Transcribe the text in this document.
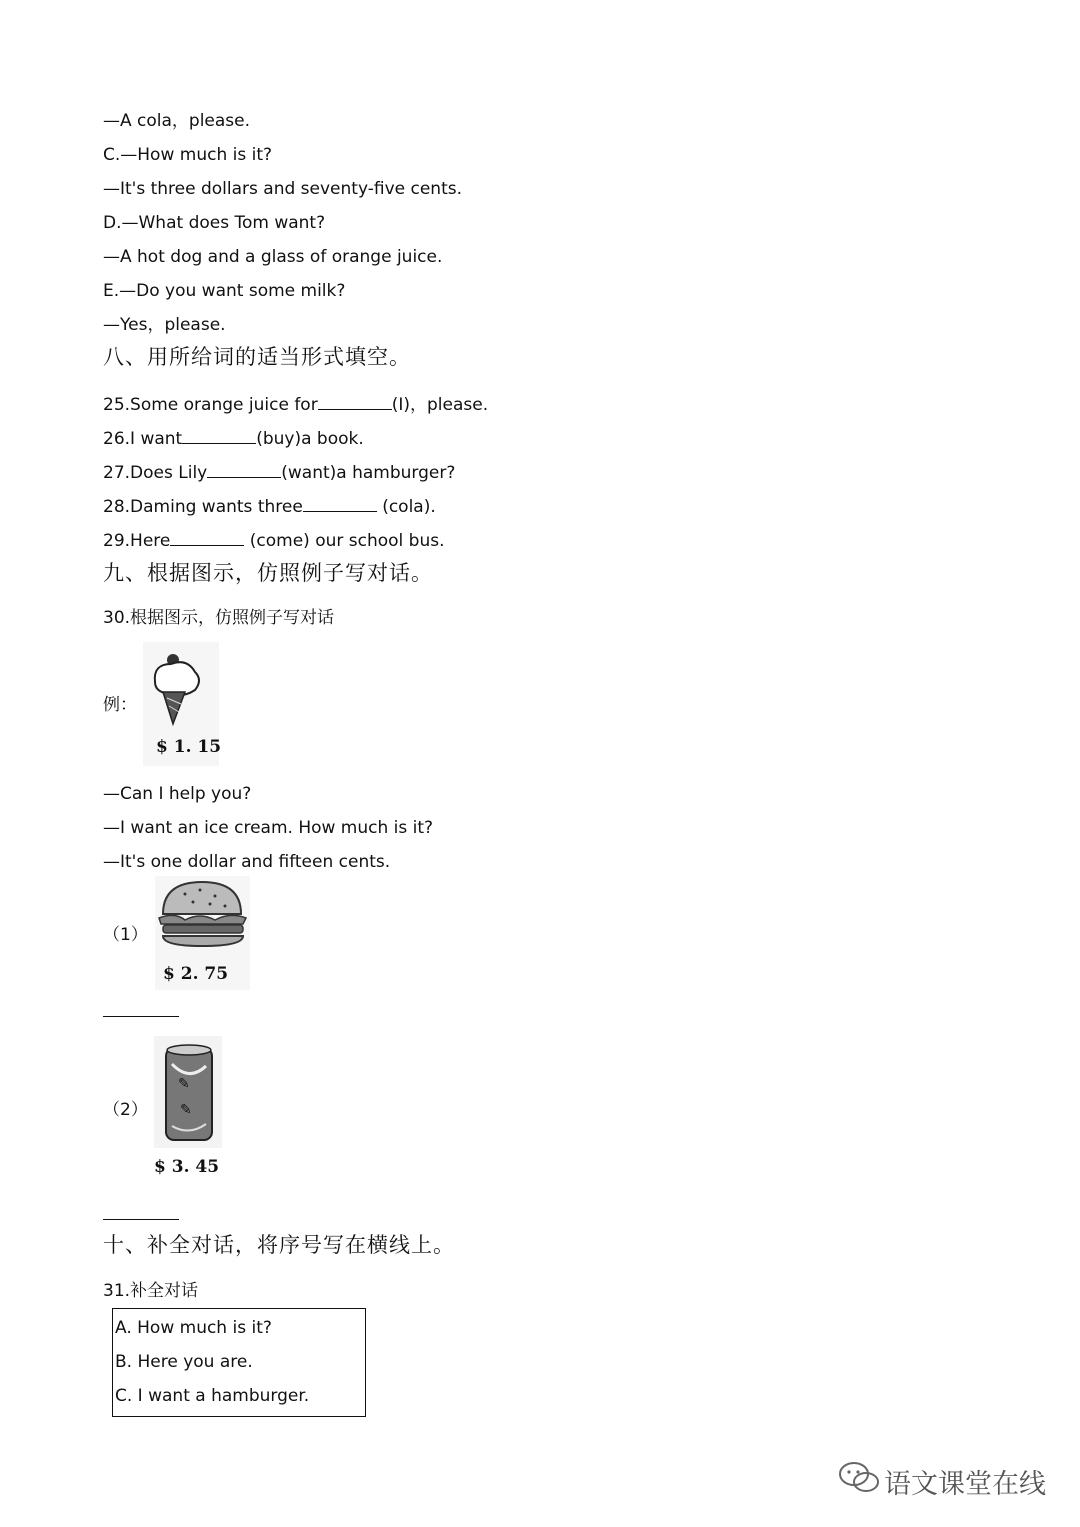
—A cola，please.
C.—How much is it?
—It's three dollars and seventy-five cents.
D.—What does Tom want?
—A hot dog and a glass of orange juice.
E.—Do you want some milk?
—Yes，please.
八、用所给词的适当形式填空。
25.Some orange juice for	(I)，please.
26.I want	(buy)a book.
27.Does Lily	(want)a hamburger?
28.Daming wants three	(cola).
29.Here	(come) our school bus.
九、根据图示，仿照例子写对话。
30.根据图示，仿照例子写对话
例：
$ 1. 15
—Can I help you?
—I want an ice cream. How much is it?
—It's one dollar and fifteen cents.
（1）
$ 2. 75
（2）
✎
✎
$ 3. 45
十、补全对话，将序号写在横线上。
31.补全对话
A. How much is it?
B. Here you are.
C. I want a hamburger.
语文课堂在线
